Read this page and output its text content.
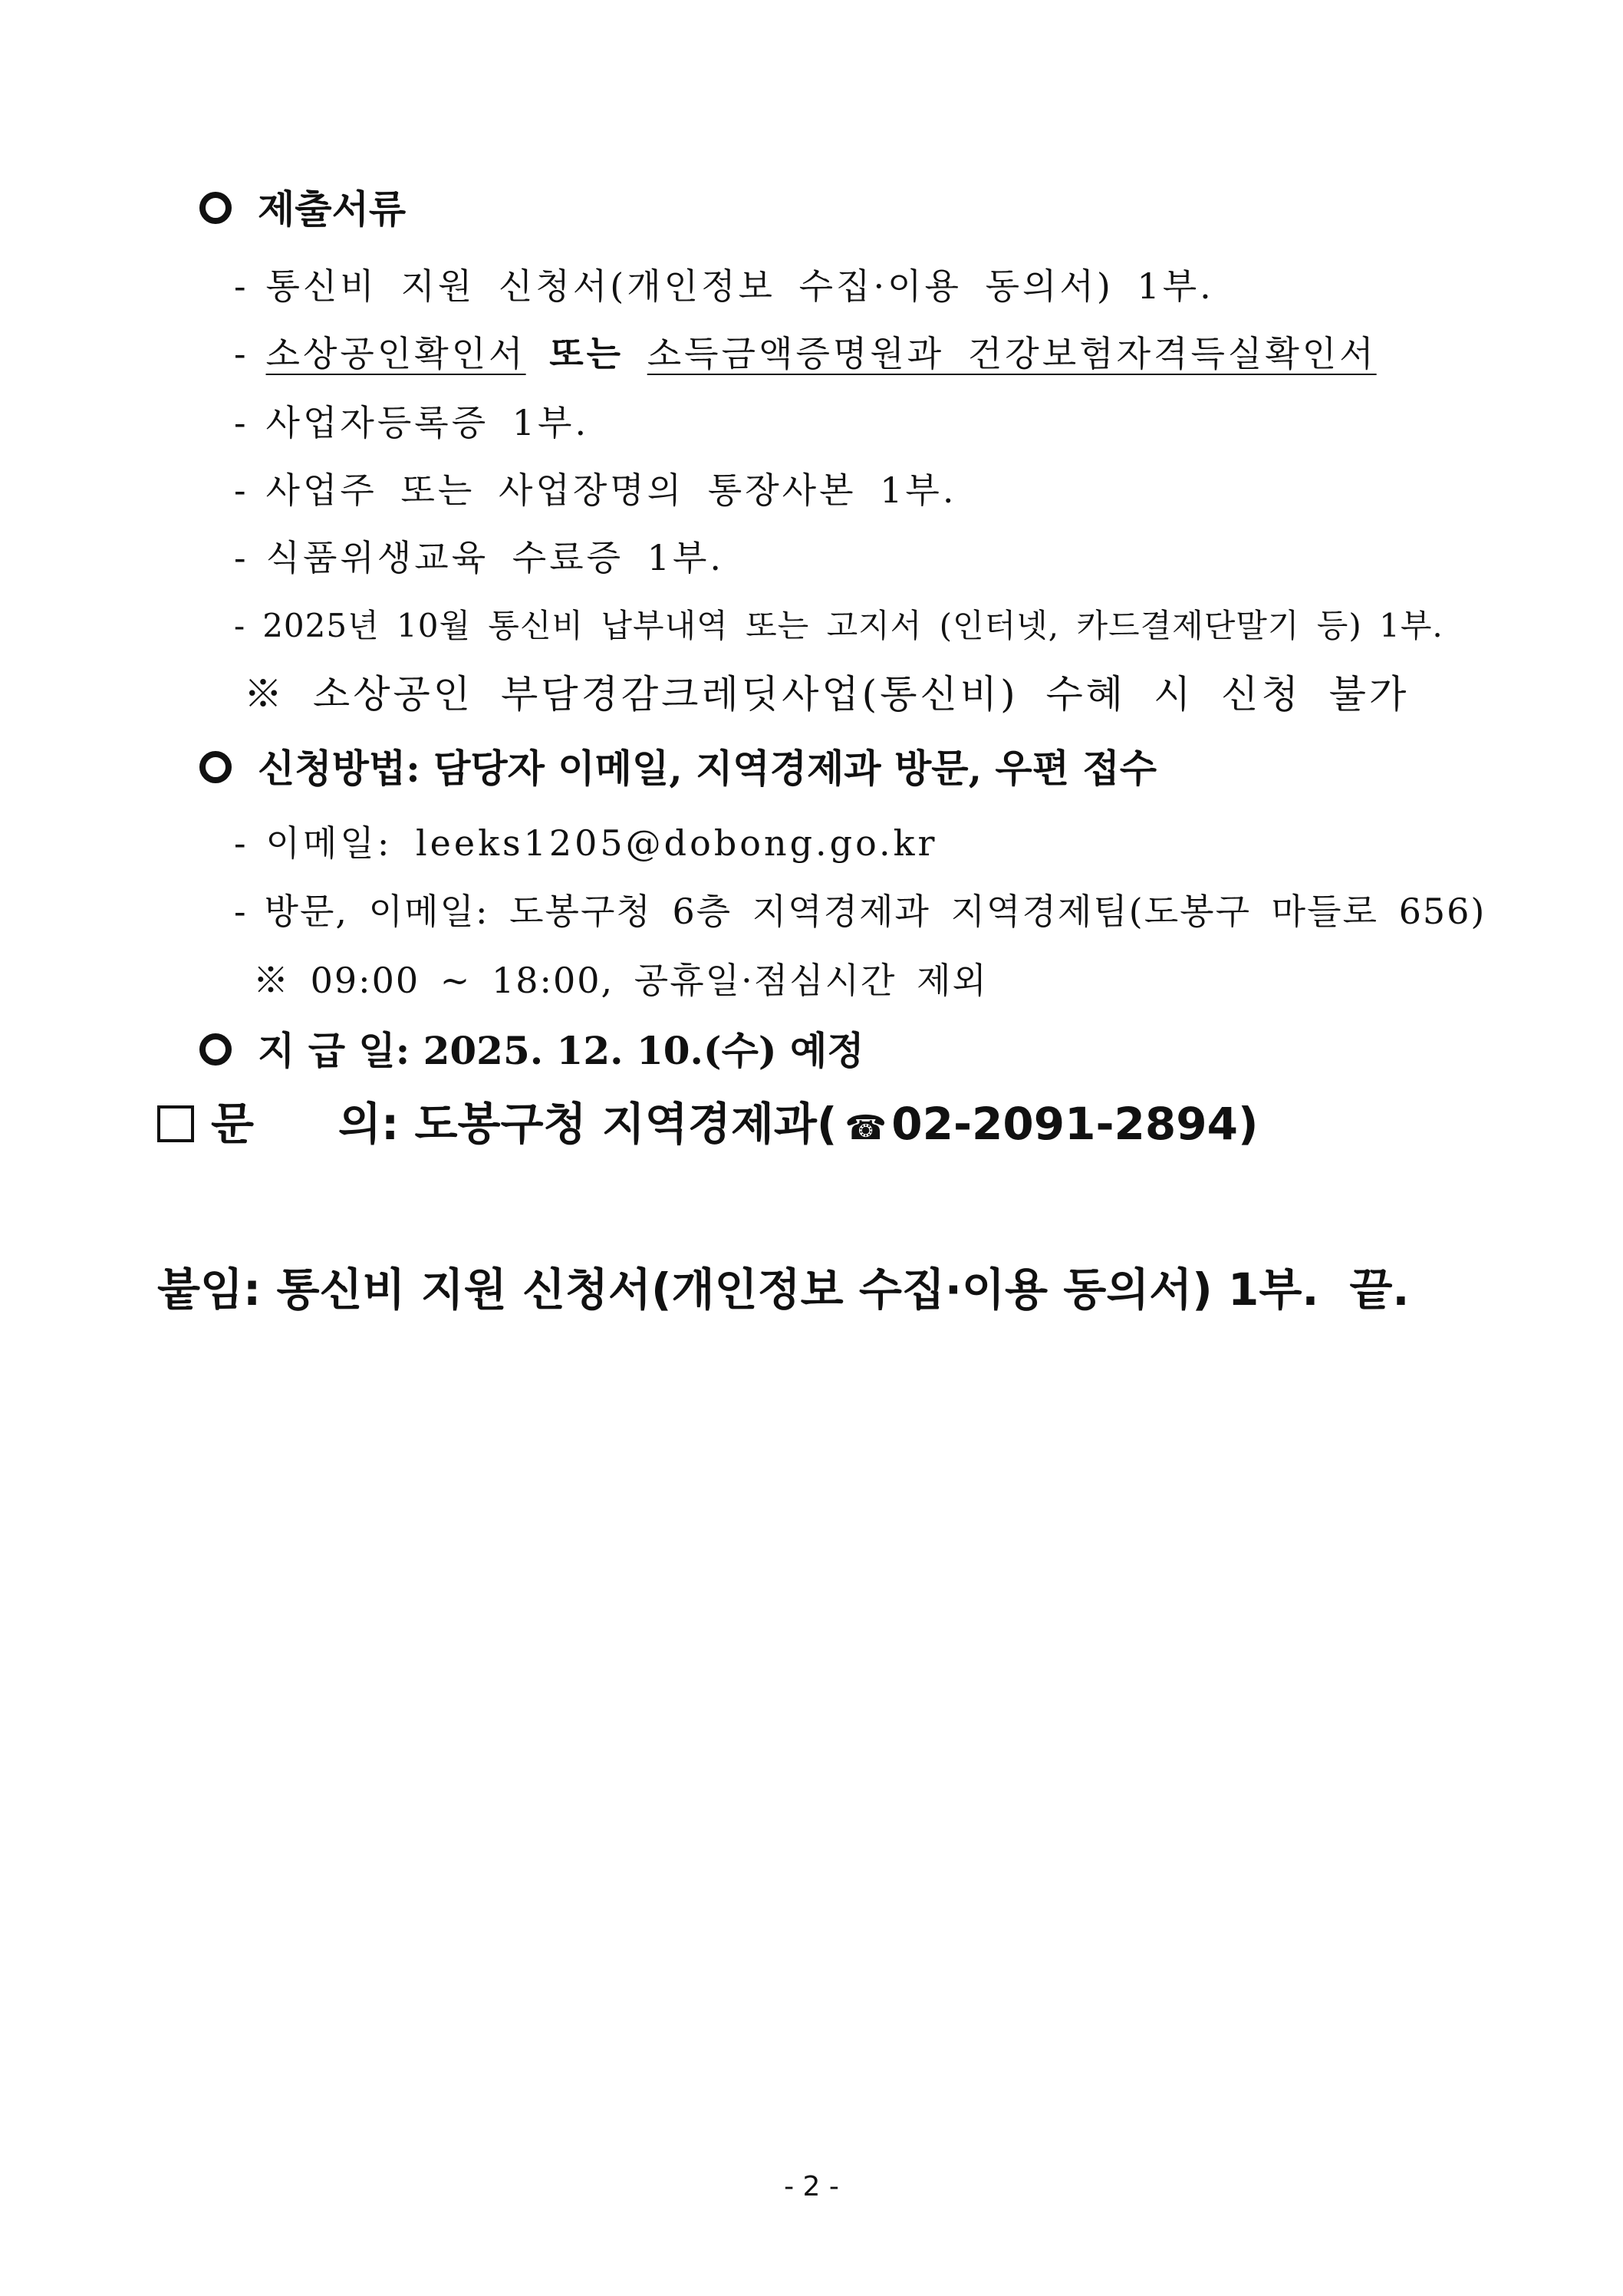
제출서류
- 통신비 지원 신청서(개인정보 수집·이용 동의서) 1부.
- 소상공인확인서 또는 소득금액증명원과 건강보험자격득실확인서
- 사업자등록증 1부.
- 사업주 또는 사업장명의 통장사본 1부.
- 식품위생교육 수료증 1부.
- 2025년 10월 통신비 납부내역 또는 고지서 (인터넷, 카드결제단말기 등) 1부.
※ 소상공인 부담경감크레딧사업(통신비) 수혜 시 신청 불가
신청방법: 담당자 이메일, 지역경제과 방문, 우편 접수
- 이메일: leeks1205@dobong.go.kr
- 방문, 이메일: 도봉구청 6층 지역경제과 지역경제팀(도봉구 마들로 656)
※ 09:00 ~ 18:00, 공휴일·점심시간 제외
지 급 일: 2025. 12. 10.(수) 예정
문 의: 도봉구청 지역경제과( ☎ 02-2091-2894)
붙임: 통신비 지원 신청서(개인정보 수집·이용 동의서) 1부. 끝.
- 2 -
